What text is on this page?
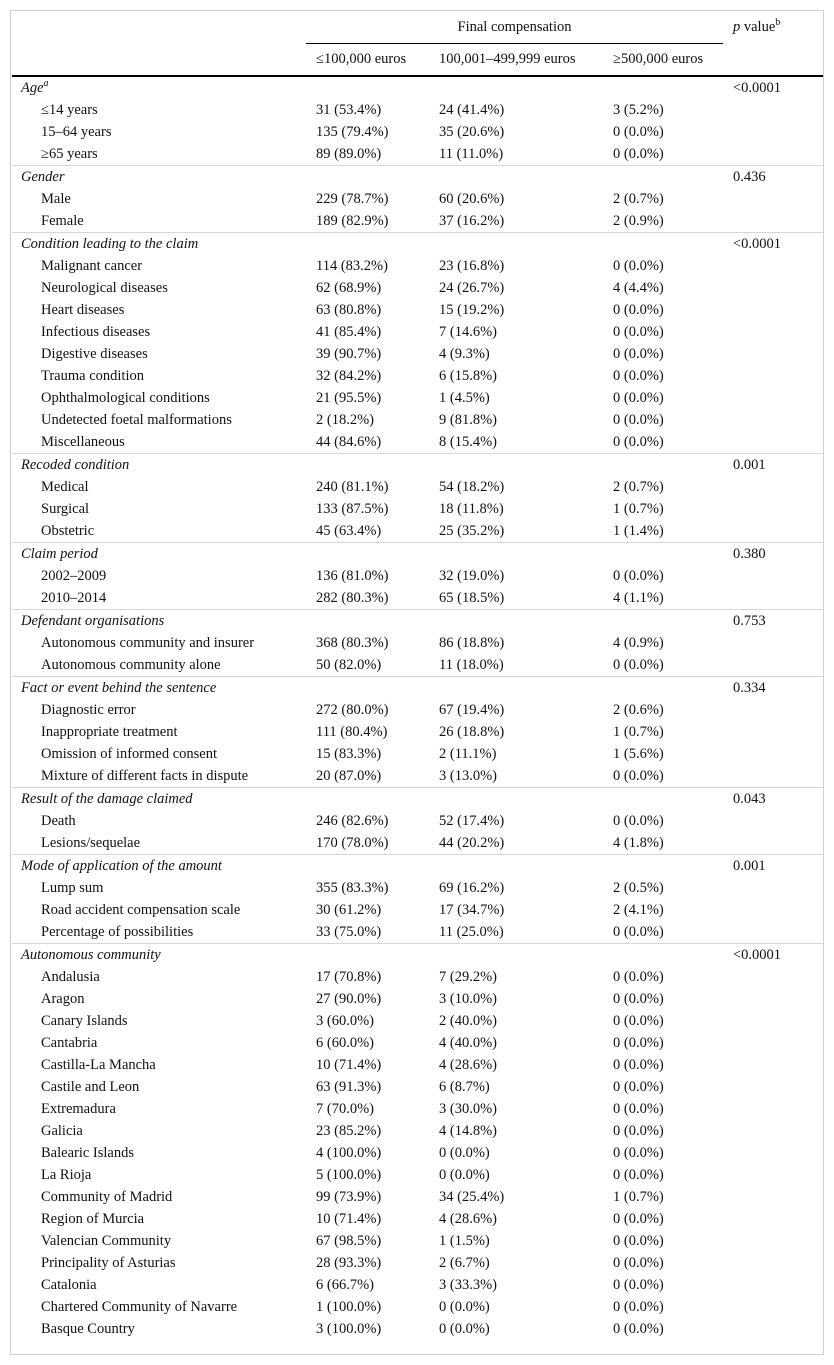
	Final compensation			p value$^b$
	≤100,000 euros	100,001–499,999 euros	≥500,000 euros	
Age$^a$				<0.0001
≤14 years	31 (53.4%)	24 (41.4%)	3 (5.2%)	
15–64 years	135 (79.4%)	35 (20.6%)	0 (0.0%)	
≥65 years	89 (89.0%)	11 (11.0%)	0 (0.0%)	
Gender				0.436
Male	229 (78.7%)	60 (20.6%)	2 (0.7%)	
Female	189 (82.9%)	37 (16.2%)	2 (0.9%)	
Condition leading to the claim				<0.0001
Malignant cancer	114 (83.2%)	23 (16.8%)	0 (0.0%)	
Neurological diseases	62 (68.9%)	24 (26.7%)	4 (4.4%)	
Heart diseases	63 (80.8%)	15 (19.2%)	0 (0.0%)	
Infectious diseases	41 (85.4%)	7 (14.6%)	0 (0.0%)	
Digestive diseases	39 (90.7%)	4 (9.3%)	0 (0.0%)	
Trauma condition	32 (84.2%)	6 (15.8%)	0 (0.0%)	
Ophthalmological conditions	21 (95.5%)	1 (4.5%)	0 (0.0%)	
Undetected foetal malformations	2 (18.2%)	9 (81.8%)	0 (0.0%)	
Miscellaneous	44 (84.6%)	8 (15.4%)	0 (0.0%)	
Recoded condition				0.001
Medical	240 (81.1%)	54 (18.2%)	2 (0.7%)	
Surgical	133 (87.5%)	18 (11.8%)	1 (0.7%)	
Obstetric	45 (63.4%)	25 (35.2%)	1 (1.4%)	
Claim period				0.380
2002–2009	136 (81.0%)	32 (19.0%)	0 (0.0%)	
2010–2014	282 (80.3%)	65 (18.5%)	4 (1.1%)	
Defendant organisations				0.753
Autonomous community and insurer	368 (80.3%)	86 (18.8%)	4 (0.9%)	
Autonomous community alone	50 (82.0%)	11 (18.0%)	0 (0.0%)	
Fact or event behind the sentence				0.334
Diagnostic error	272 (80.0%)	67 (19.4%)	2 (0.6%)	
Inappropriate treatment	111 (80.4%)	26 (18.8%)	1 (0.7%)	
Omission of informed consent	15 (83.3%)	2 (11.1%)	1 (5.6%)	
Mixture of different facts in dispute	20 (87.0%)	3 (13.0%)	0 (0.0%)	
Result of the damage claimed				0.043
Death	246 (82.6%)	52 (17.4%)	0 (0.0%)	
Lesions/sequelae	170 (78.0%)	44 (20.2%)	4 (1.8%)	
Mode of application of the amount				0.001
Lump sum	355 (83.3%)	69 (16.2%)	2 (0.5%)	
Road accident compensation scale	30 (61.2%)	17 (34.7%)	2 (4.1%)	
Percentage of possibilities	33 (75.0%)	11 (25.0%)	0 (0.0%)	
Autonomous community				<0.0001
Andalusia	17 (70.8%)	7 (29.2%)	0 (0.0%)	
Aragon	27 (90.0%)	3 (10.0%)	0 (0.0%)	
Canary Islands	3 (60.0%)	2 (40.0%)	0 (0.0%)	
Cantabria	6 (60.0%)	4 (40.0%)	0 (0.0%)	
Castilla-La Mancha	10 (71.4%)	4 (28.6%)	0 (0.0%)	
Castile and Leon	63 (91.3%)	6 (8.7%)	0 (0.0%)	
Extremadura	7 (70.0%)	3 (30.0%)	0 (0.0%)	
Galicia	23 (85.2%)	4 (14.8%)	0 (0.0%)	
Balearic Islands	4 (100.0%)	0 (0.0%)	0 (0.0%)	
La Rioja	5 (100.0%)	0 (0.0%)	0 (0.0%)	
Community of Madrid	99 (73.9%)	34 (25.4%)	1 (0.7%)	
Region of Murcia	10 (71.4%)	4 (28.6%)	0 (0.0%)	
Valencian Community	67 (98.5%)	1 (1.5%)	0 (0.0%)	
Principality of Asturias	28 (93.3%)	2 (6.7%)	0 (0.0%)	
Catalonia	6 (66.7%)	3 (33.3%)	0 (0.0%)	
Chartered Community of Navarre	1 (100.0%)	0 (0.0%)	0 (0.0%)	
Basque Country	3 (100.0%)	0 (0.0%)	0 (0.0%)	
